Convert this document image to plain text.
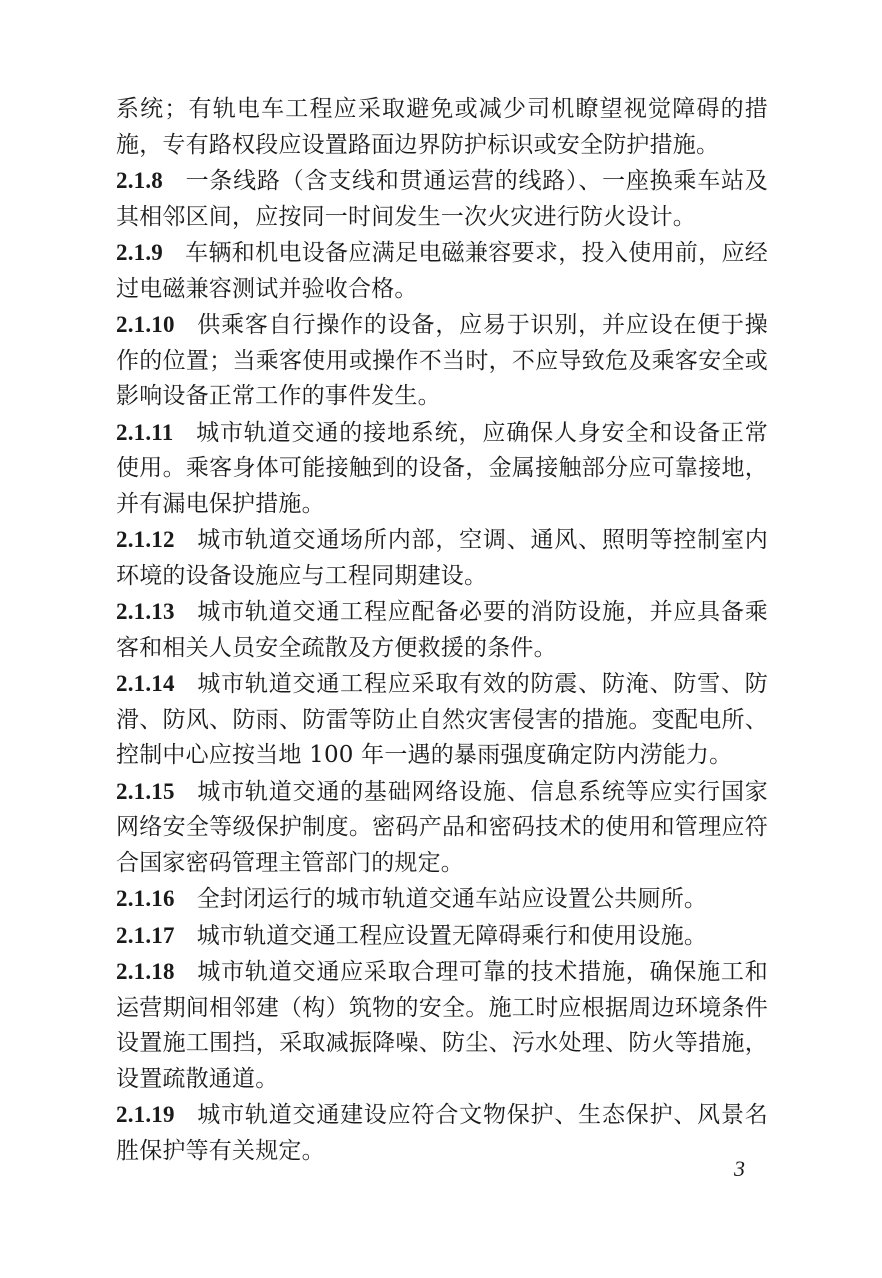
系统；有轨电车工程应采取避免或减少司机瞭望视觉障碍的措施，专有路权段应设置路面边界防护标识或安全防护措施。

2.1.8 一条线路（含支线和贯通运营的线路）、一座换乘车站及其相邻区间，应按同一时间发生一次火灾进行防火设计。

2.1.9 车辆和机电设备应满足电磁兼容要求，投入使用前，应经过电磁兼容测试并验收合格。

2.1.10 供乘客自行操作的设备，应易于识别，并应设在便于操作的位置；当乘客使用或操作不当时，不应导致危及乘客安全或影响设备正常工作的事件发生。

2.1.11 城市轨道交通的接地系统，应确保人身安全和设备正常使用。乘客身体可能接触到的设备，金属接触部分应可靠接地，并有漏电保护措施。

2.1.12 城市轨道交通场所内部，空调、通风、照明等控制室内环境的设备设施应与工程同期建设。

2.1.13 城市轨道交通工程应配备必要的消防设施，并应具备乘客和相关人员安全疏散及方便救援的条件。

2.1.14 城市轨道交通工程应采取有效的防震、防淹、防雪、防滑、防风、防雨、防雷等防止自然灾害侵害的措施。变配电所、控制中心应按当地 100 年一遇的暴雨强度确定防内涝能力。

2.1.15 城市轨道交通的基础网络设施、信息系统等应实行国家网络安全等级保护制度。密码产品和密码技术的使用和管理应符合国家密码管理主管部门的规定。

2.1.16 全封闭运行的城市轨道交通车站应设置公共厕所。

2.1.17 城市轨道交通工程应设置无障碍乘行和使用设施。

2.1.18 城市轨道交通应采取合理可靠的技术措施，确保施工和运营期间相邻建（构）筑物的安全。施工时应根据周边环境条件设置施工围挡，采取减振降噪、防尘、污水处理、防火等措施，设置疏散通道。

2.1.19 城市轨道交通建设应符合文物保护、生态保护、风景名胜保护等有关规定。

3
